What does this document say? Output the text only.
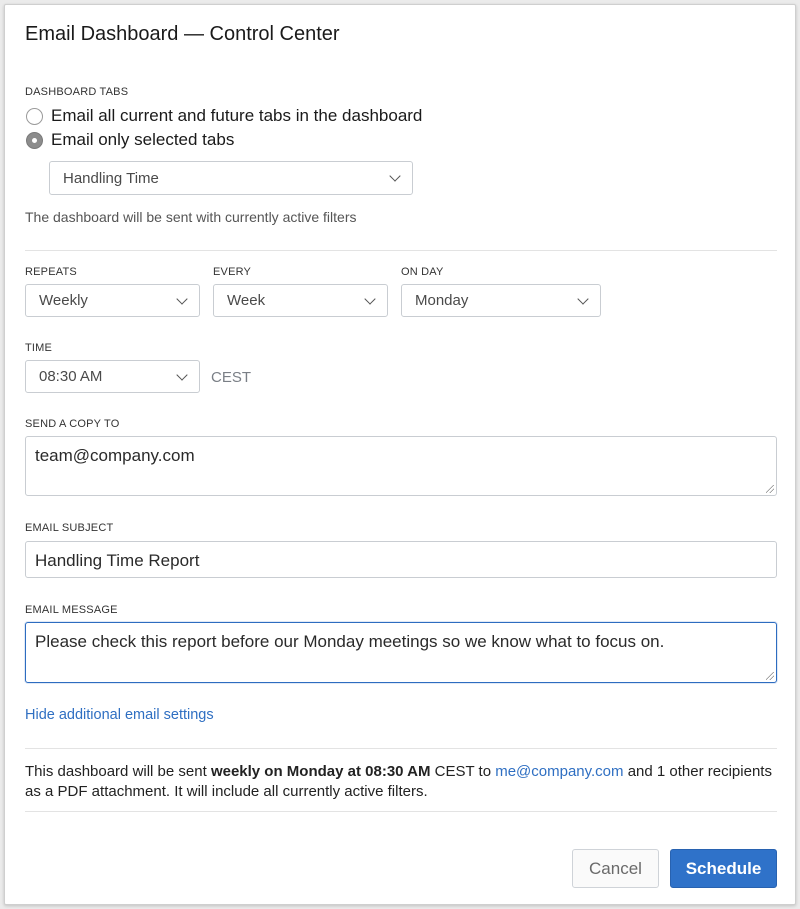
Email Dashboard — Control Center
DASHBOARD TABS
Email all current and future tabs in the dashboard
Email only selected tabs
Handling Time
The dashboard will be sent with currently active filters
REPEATS
Weekly
EVERY
Week
ON DAY
Monday
TIME
08:30 AM	CEST
SEND A COPY TO
team@company.com
EMAIL SUBJECT
Handling Time Report
EMAIL MESSAGE
Please check this report before our Monday meetings so we know what to focus on.
Hide additional email settings
This dashboard will be sent weekly on Monday at 08:30 AM CEST to me@company.com and 1 other recipients as a PDF attachment. It will include all currently active filters.
Cancel	Schedule
